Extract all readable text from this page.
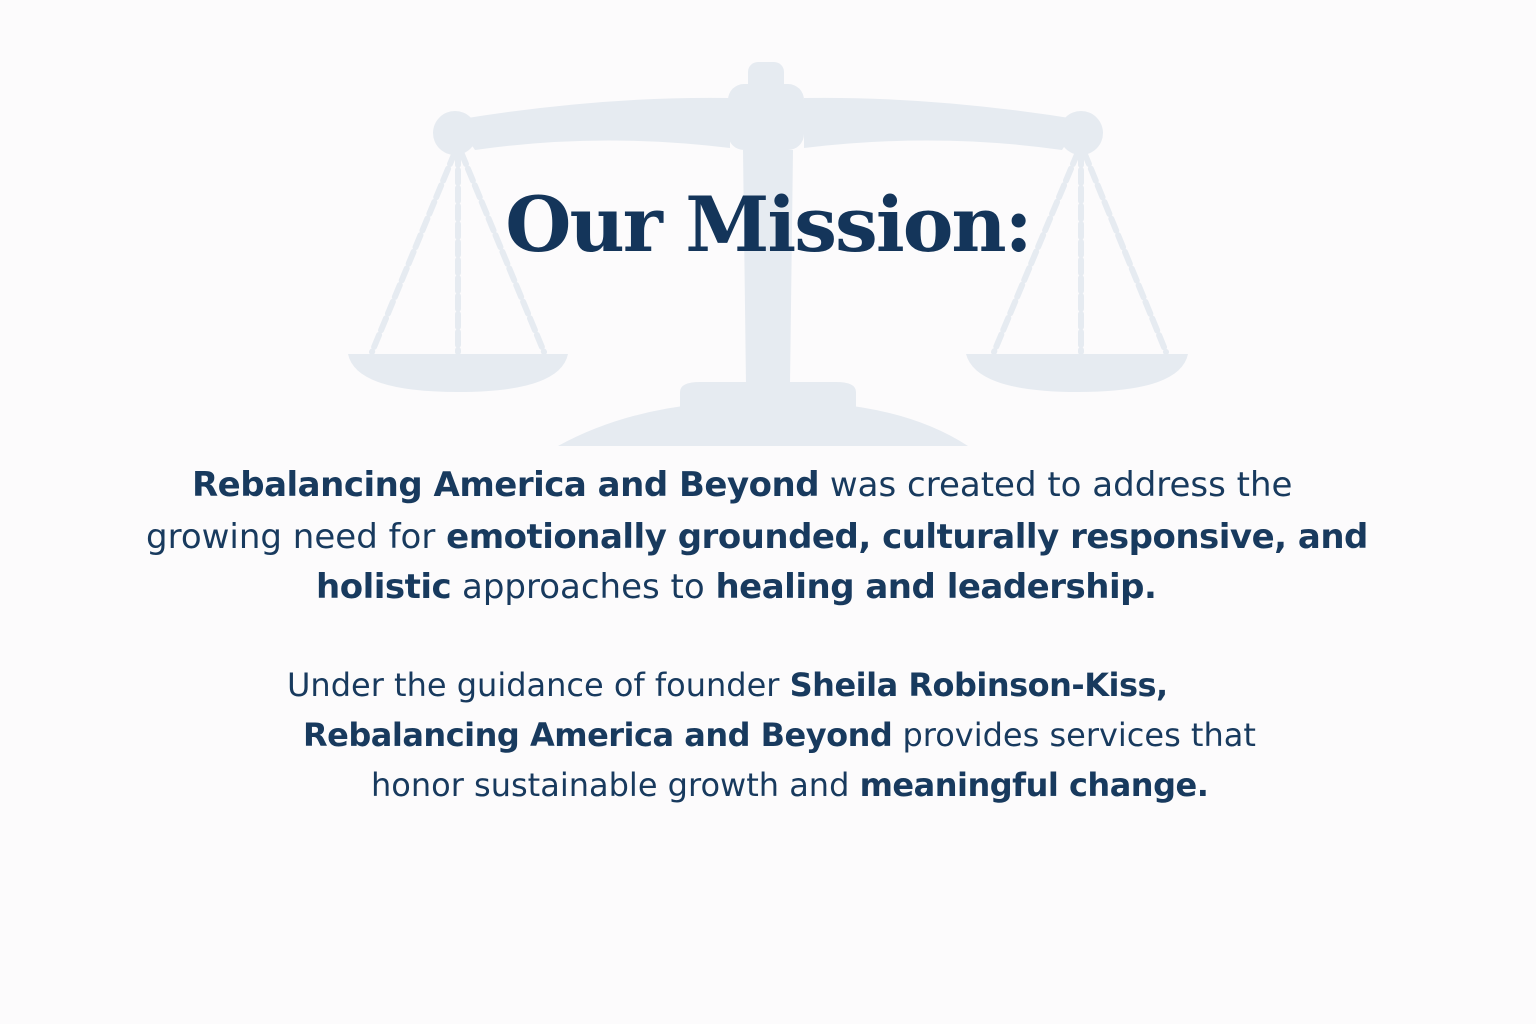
Our Mission:

Rebalancing America and Beyond was created to address the

growing need for emotionally grounded, culturally responsive, and

holistic approaches to healing and leadership.

Under the guidance of founder Sheila Robinson-Kiss,

Rebalancing America and Beyond provides services that

honor sustainable growth and meaningful change.
